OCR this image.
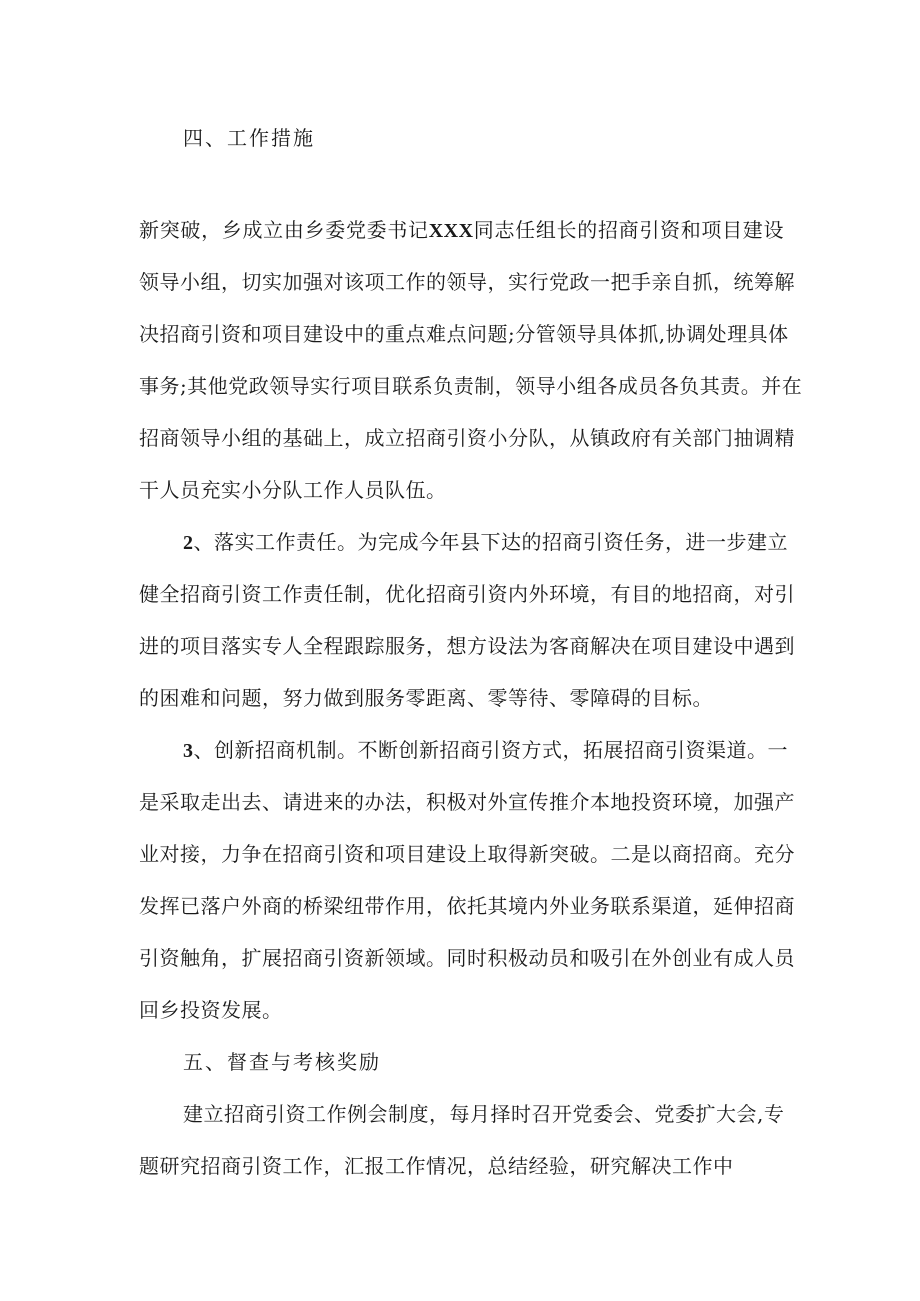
四、工作措施
新突破，乡成立由乡委党委书记XXX同志任组长的招商引资和项目建设
领导小组，切实加强对该项工作的领导，实行党政一把手亲自抓，统筹解
决招商引资和项目建设中的重点难点问题;分管领导具体抓,协调处理具体
事务;其他党政领导实行项目联系负责制，领导小组各成员各负其责。并在
招商领导小组的基础上，成立招商引资小分队，从镇政府有关部门抽调精
干人员充实小分队工作人员队伍。
2、落实工作责任。为完成今年县下达的招商引资任务，进一步建立
健全招商引资工作责任制，优化招商引资内外环境，有目的地招商，对引
进的项目落实专人全程跟踪服务，想方设法为客商解决在项目建设中遇到
的困难和问题，努力做到服务零距离、零等待、零障碍的目标。
3、创新招商机制。不断创新招商引资方式，拓展招商引资渠道。一
是采取走出去、请进来的办法，积极对外宣传推介本地投资环境，加强产
业对接，力争在招商引资和项目建设上取得新突破。二是以商招商。充分
发挥已落户外商的桥梁纽带作用，依托其境内外业务联系渠道，延伸招商
引资触角，扩展招商引资新领域。同时积极动员和吸引在外创业有成人员
回乡投资发展。
五、督查与考核奖励
建立招商引资工作例会制度，每月择时召开党委会、党委扩大会,专
题研究招商引资工作，汇报工作情况，总结经验，研究解决工作中
